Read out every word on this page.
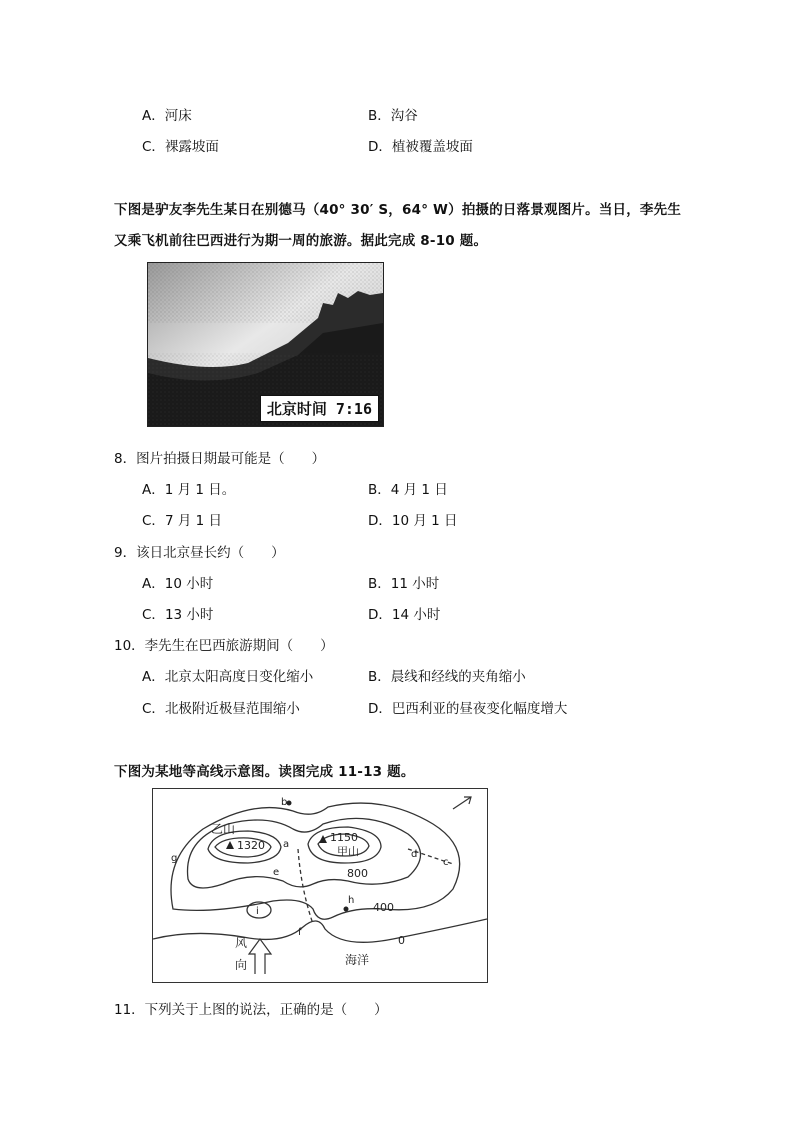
A．河床	B．沟谷
C．裸露坡面	D．植被覆盖坡面
下图是驴友李先生某日在别德马（40° 30′ S，64° W）拍摄的日落景观图片。当日，李先生
又乘飞机前往巴西进行为期一周的旅游。据此完成 8-10 题。
北京时间 7:16
8．图片拍摄日期最可能是（　　）
A．1 月 1 日。	B．4 月 1 日
C．7 月 1 日	D．10 月 1 日
9．该日北京昼长约（　　）
A．10 小时	B．11 小时
C．13 小时	D．14 小时
10．李先生在巴西旅游期间（　　）
A．北京太阳高度日变化缩小	B．晨线和经线的夹角缩小
C．北极附近极昼范围缩小	D．巴西利亚的昼夜变化幅度增大
下图为某地等高线示意图。读图完成 11-13 题。
乙山
1320
1150
甲山
800
400
0
海洋
风
向
a
b
c
d
e
f
g
h
i
11．下列关于上图的说法，正确的是（　　）
